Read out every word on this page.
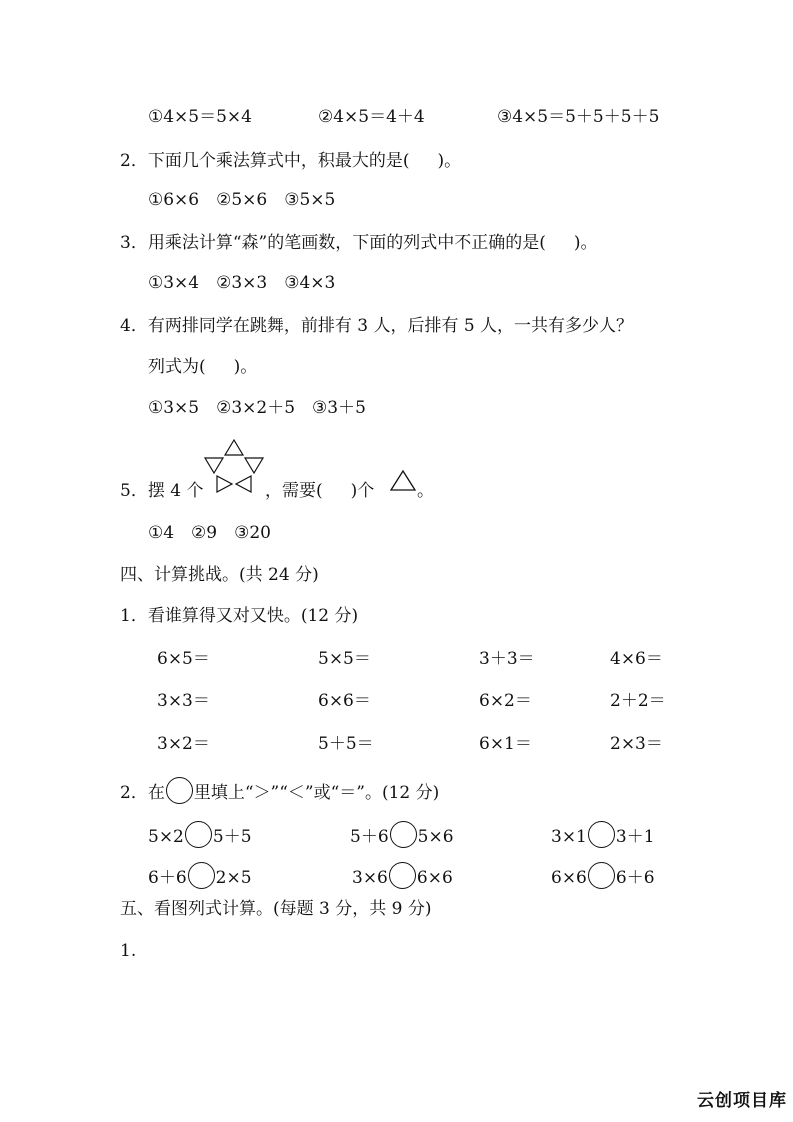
①4×5＝5×4	②4×5＝4＋4	③4×5＝5＋5＋5＋5
2．下面几个乘法算式中，积最大的是( )。
①6×6　②5×6　③5×5
3．用乘法计算“森”的笔画数，下面的列式中不正确的是( )。
①3×4　②3×3　③4×3
4．有两排同学在跳舞，前排有 3 人，后排有 5 人，一共有多少人？
列式为( )。
①3×5　②3×2＋5　③3＋5
5．摆 4 个	，需要( )个	。
①4　②9　③20
四、计算挑战。(共 24 分)
1．看谁算得又对又快。(12 分)
6×5＝	5×5＝	3＋3＝	4×6＝
3×3＝	6×6＝	6×2＝	2＋2＝
3×2＝	5＋5＝	6×1＝	2×3＝
2．在 里填上“＞”“＜”或“＝”。(12 分)
5×2 5＋5	5＋6 5×6	3×1 3＋1
6＋6 2×5	3×6 6×6	6×6 6＋6
五、看图列式计算。(每题 3 分，共 9 分)
1.
云创项目库
